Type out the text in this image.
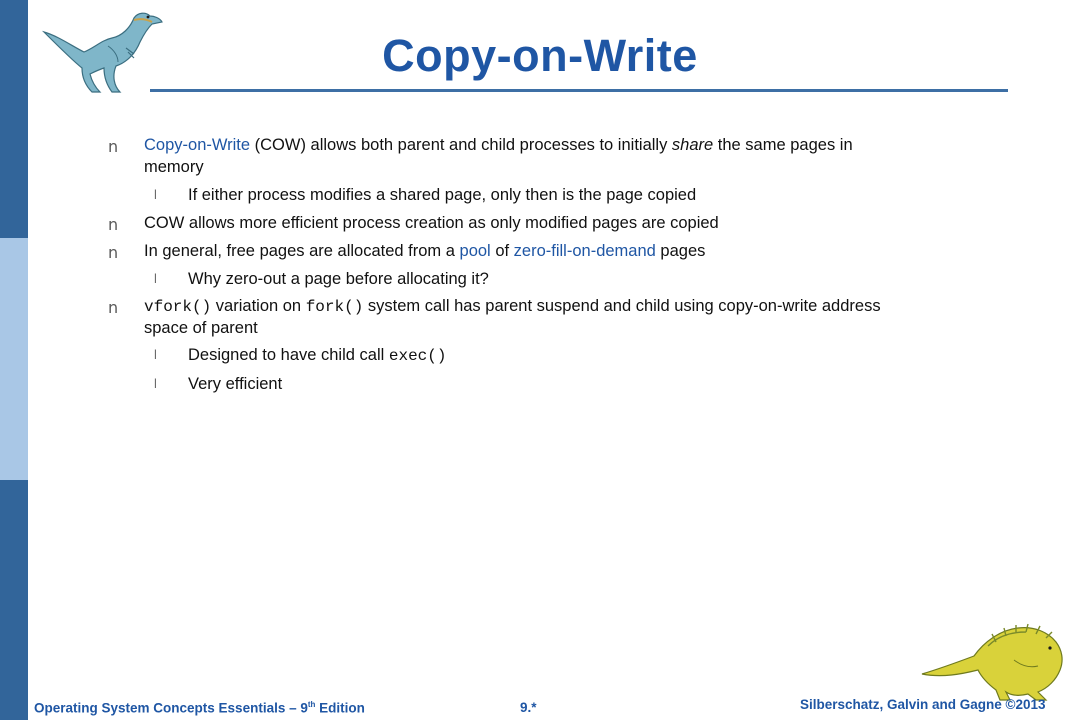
Copy-on-Write
n Copy-on-Write (COW) allows both parent and child processes to initially share the same pages in
memory
l If either process modifies a shared page, only then is the page copied
n COW allows more efficient process creation as only modified pages are copied
n In general, free pages are allocated from a pool of zero-fill-on-demand pages
l Why zero-out a page before allocating it?
n vfork() variation on fork() system call has parent suspend and child using copy-on-write address
space of parent
l Designed to have child call exec()
l Very efficient
Operating System Concepts Essentials – 9th Edition	9.*	Silberschatz, Galvin and Gagne ©2013
